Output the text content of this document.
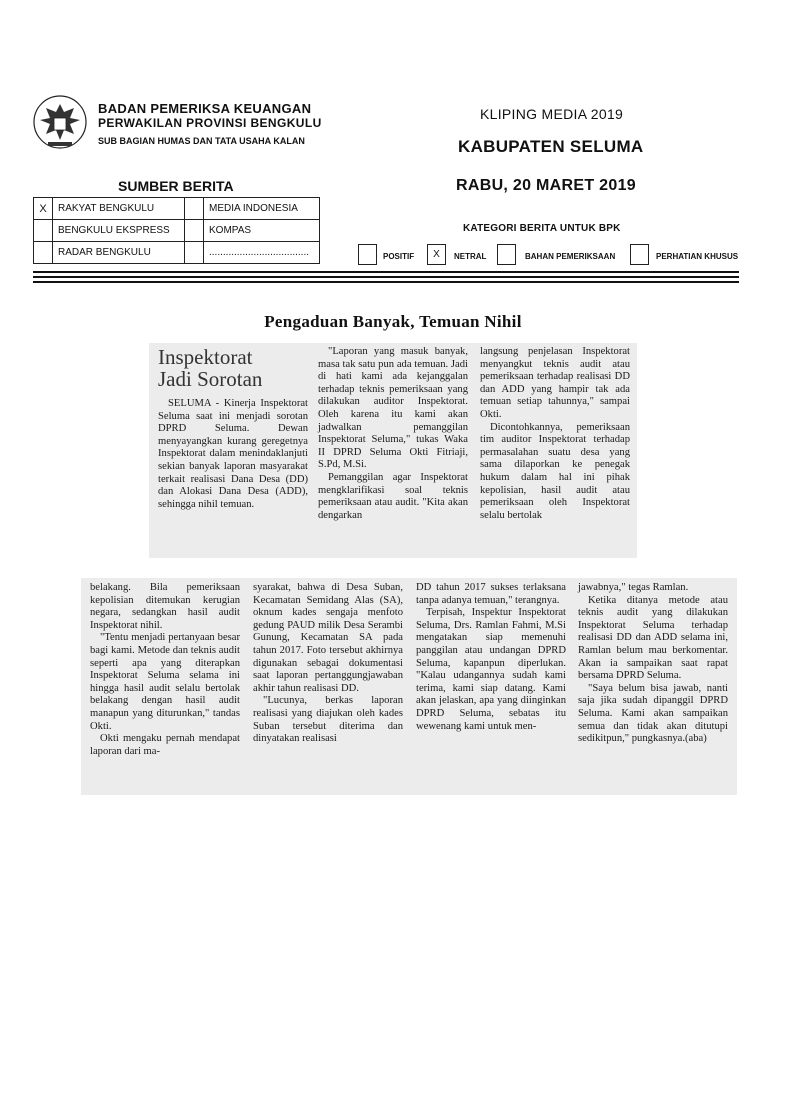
BADAN PEMERIKSA KEUANGAN
PERWAKILAN PROVINSI BENGKULU
SUB BAGIAN HUMAS DAN TATA USAHA KALAN
KLIPING MEDIA 2019
KABUPATEN SELUMA
RABU, 20 MARET 2019
SUMBER BERITA
X	RAKYAT BENGKULU		MEDIA INDONESIA
	BENGKULU EKSPRESS		KOMPAS
	RADAR BENGKULU		....................................
KATEGORI BERITA UNTUK BPK
POSITIF	X	NETRAL	BAHAN PEMERIKSAAN	PERHATIAN KHUSUS
Pengaduan Banyak, Temuan Nihil
Inspektorat
Jadi Sorotan

SELUMA - Kinerja Inspektorat Seluma saat ini menjadi sorotan DPRD Seluma. Dewan menyayangkan kurang geregetnya Inspektorat dalam menindaklanjuti sekian banyak laporan masyarakat terkait realisasi Dana Desa (DD) dan Alokasi Dana Desa (ADD), sehingga nihil temuan.

"Laporan yang masuk banyak, masa tak satu pun ada temuan. Jadi di hati kami ada kejanggalan terhadap teknis pemeriksaan yang dilakukan auditor Inspektorat. Oleh karena itu kami akan jadwalkan pemanggilan Inspektorat Seluma," tukas Waka II DPRD Seluma Okti Fitriaji, S.Pd, M.Si.

Pemanggilan agar Inspektorat mengklarifikasi soal teknis pemeriksaan atau audit. "Kita akan dengarkan

langsung penjelasan Inspektorat menyangkut teknis audit atau pemeriksaan terhadap realisasi DD dan ADD yang hampir tak ada temuan setiap tahunnya," sampai Okti.

Dicontohkannya, pemeriksaan tim auditor Inspektorat terhadap permasalahan suatu desa yang sama dilaporkan ke penegak hukum dalam hal ini pihak kepolisian, hasil audit atau pemeriksaan oleh Inspektorat selalu bertolak

belakang. Bila pemeriksaan kepolisian ditemukan kerugian negara, sedangkan hasil audit Inspektorat nihil.

"Tentu menjadi pertanyaan besar bagi kami. Metode dan teknis audit seperti apa yang diterapkan Inspektorat Seluma selama ini hingga hasil audit selalu bertolak belakang dengan hasil audit manapun yang diturunkan," tandas Okti.

Okti mengaku pernah mendapat laporan dari ma-

syarakat, bahwa di Desa Suban, Kecamatan Semidang Alas (SA), oknum kades sengaja menfoto gedung PAUD milik Desa Serambi Gunung, Kecamatan SA pada tahun 2017. Foto tersebut akhirnya digunakan sebagai dokumentasi saat laporan pertanggungjawaban akhir tahun realisasi DD.

"Lucunya, berkas laporan realisasi yang diajukan oleh kades Suban tersebut diterima dan dinyatakan realisasi

DD tahun 2017 sukses terlaksana tanpa adanya temuan," terangnya.

Terpisah, Inspektur Inspektorat Seluma, Drs. Ramlan Fahmi, M.Si mengatakan siap memenuhi panggilan atau undangan DPRD Seluma, kapanpun diperlukan. "Kalau udangannya sudah kami terima, kami siap datang. Kami akan jelaskan, apa yang diinginkan DPRD Seluma, sebatas itu wewenang kami untuk men-

jawabnya," tegas Ramlan.

Ketika ditanya metode atau teknis audit yang dilakukan Inspektorat Seluma terhadap realisasi DD dan ADD selama ini, Ramlan belum mau berkomentar. Akan ia sampaikan saat rapat bersama DPRD Seluma.

"Saya belum bisa jawab, nanti saja jika sudah dipanggil DPRD Seluma. Kami akan sampaikan semua dan tidak akan ditutupi sedikitpun," pungkasnya.(aba)
